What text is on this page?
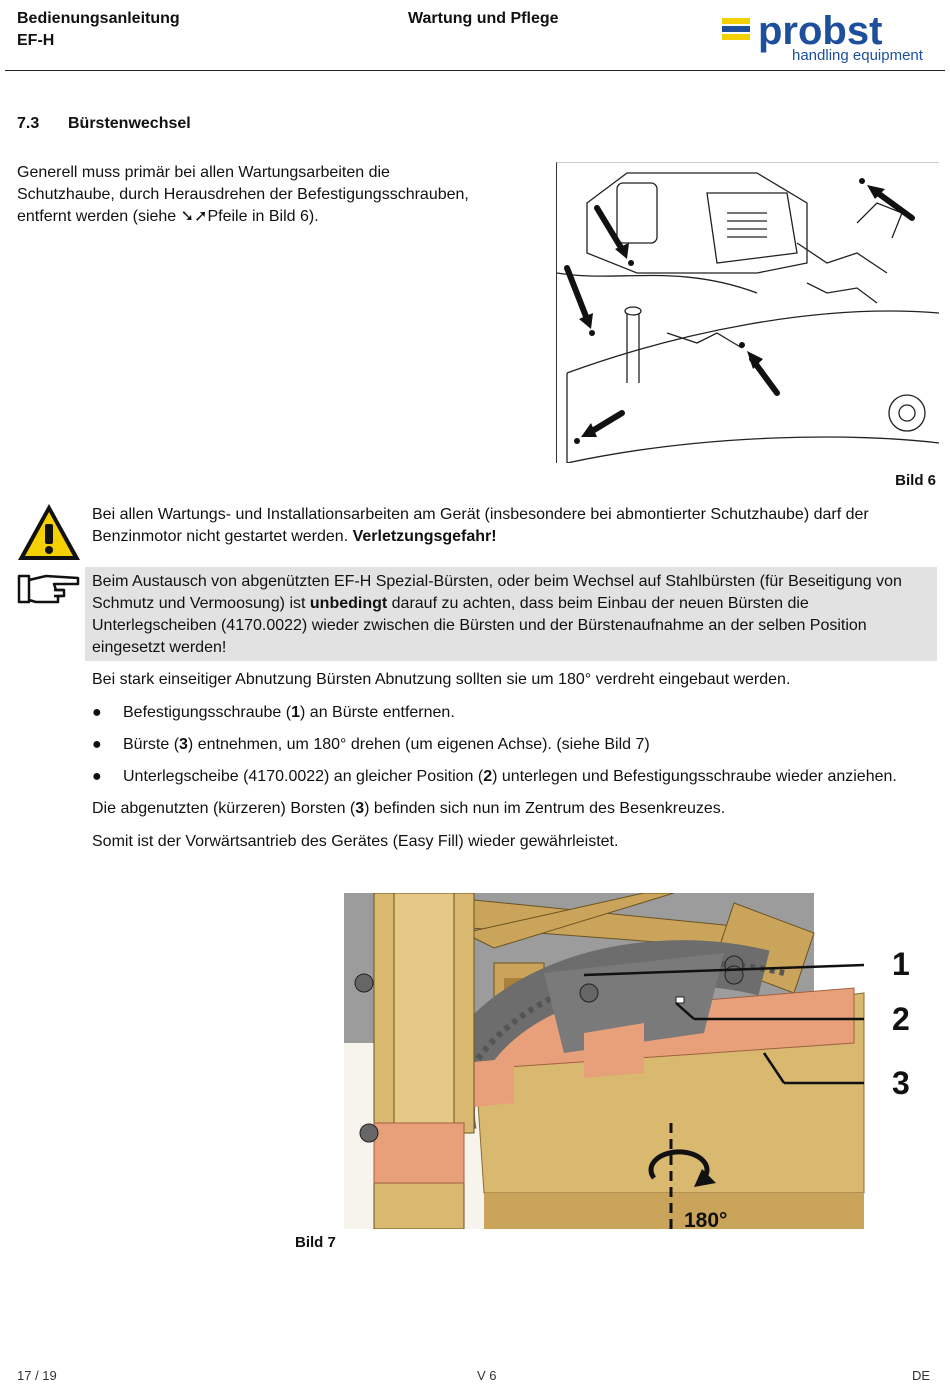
Bedienungsanleitung
EF-H
Wartung und Pflege	probst
handling equipment
7.3 Bürstenwechsel
Generell muss primär bei allen Wartungsarbeiten die
Schutzhaube, durch Herausdrehen der Befestigungsschrauben,
entfernt werden (siehe ➘➚Pfeile in Bild 6).
Bild 6
Bei allen Wartungs- und Installationsarbeiten am Gerät (insbesondere bei abmontierter Schutzhaube) darf der Benzinmotor nicht gestartet werden. Verletzungsgefahr!
Beim Austausch von abgenützten EF-H Spezial-Bürsten, oder beim Wechsel auf Stahlbürsten (für Beseitigung von Schmutz und Vermoosung) ist unbedingt darauf zu achten, dass beim Einbau der neuen Bürsten die Unterlegscheiben (4170.0022) wieder zwischen die Bürsten und der Bürstenaufnahme an der selben Position eingesetzt werden!
Bei stark einseitiger Abnutzung Bürsten Abnutzung sollten sie um 180° verdreht eingebaut werden.
● Befestigungsschraube (1) an Bürste entfernen.
● Bürste (3) entnehmen, um 180° drehen (um eigenen Achse). (siehe Bild 7)
● Unterlegscheibe (4170.0022) an gleicher Position (2) unterlegen und Befestigungsschraube wieder anziehen.
Die abgenutzten (kürzeren) Borsten (3) befinden sich nun im Zentrum des Besenkreuzes.
Somit ist der Vorwärtsantrieb des Gerätes (Easy Fill) wieder gewährleistet.
1
2
3
180°
Bild 7
17 / 19	V 6	DE
